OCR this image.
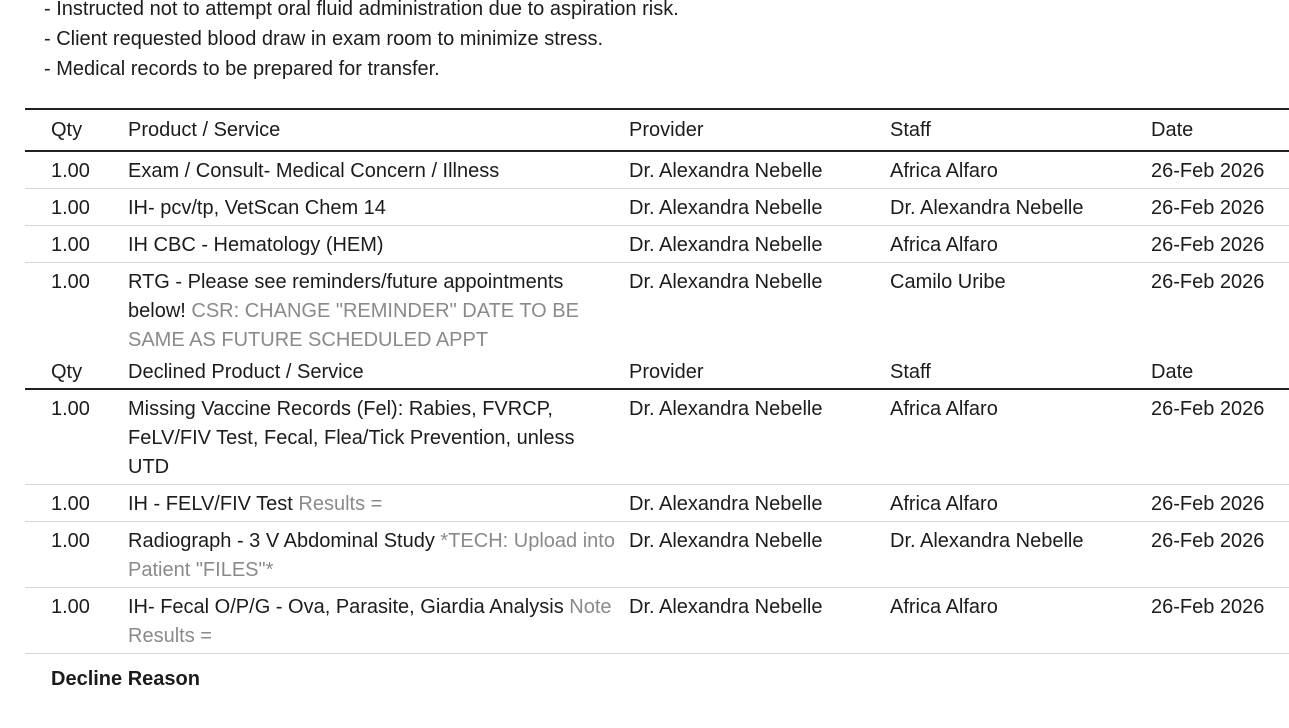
- Instructed not to attempt oral fluid administration due to aspiration risk.
- Client requested blood draw in exam room to minimize stress.
- Medical records to be prepared for transfer.
Qty	Product / Service	Provider	Staff	Date
1.00	Exam / Consult- Medical Concern / Illness	Dr. Alexandra Nebelle	Africa Alfaro	26-Feb 2026
1.00	IH- pcv/tp, VetScan Chem 14	Dr. Alexandra Nebelle	Dr. Alexandra Nebelle	26-Feb 2026
1.00	IH CBC - Hematology (HEM)	Dr. Alexandra Nebelle	Africa Alfaro	26-Feb 2026
1.00	RTG - Please see reminders/future appointments below! CSR: CHANGE "REMINDER" DATE TO BE SAME AS FUTURE SCHEDULED APPT	Dr. Alexandra Nebelle	Camilo Uribe	26-Feb 2026
Qty	Declined Product / Service	Provider	Staff	Date
1.00	Missing Vaccine Records (Fel): Rabies, FVRCP, FeLV/FIV Test, Fecal, Flea/Tick Prevention, unless UTD	Dr. Alexandra Nebelle	Africa Alfaro	26-Feb 2026
1.00	IH - FELV/FIV Test Results =	Dr. Alexandra Nebelle	Africa Alfaro	26-Feb 2026
1.00	Radiograph - 3 V Abdominal Study *TECH: Upload into Patient "FILES"*	Dr. Alexandra Nebelle	Dr. Alexandra Nebelle	26-Feb 2026
1.00	IH- Fecal O/P/G - Ova, Parasite, Giardia Analysis Note Results =	Dr. Alexandra Nebelle	Africa Alfaro	26-Feb 2026
Decline Reason
